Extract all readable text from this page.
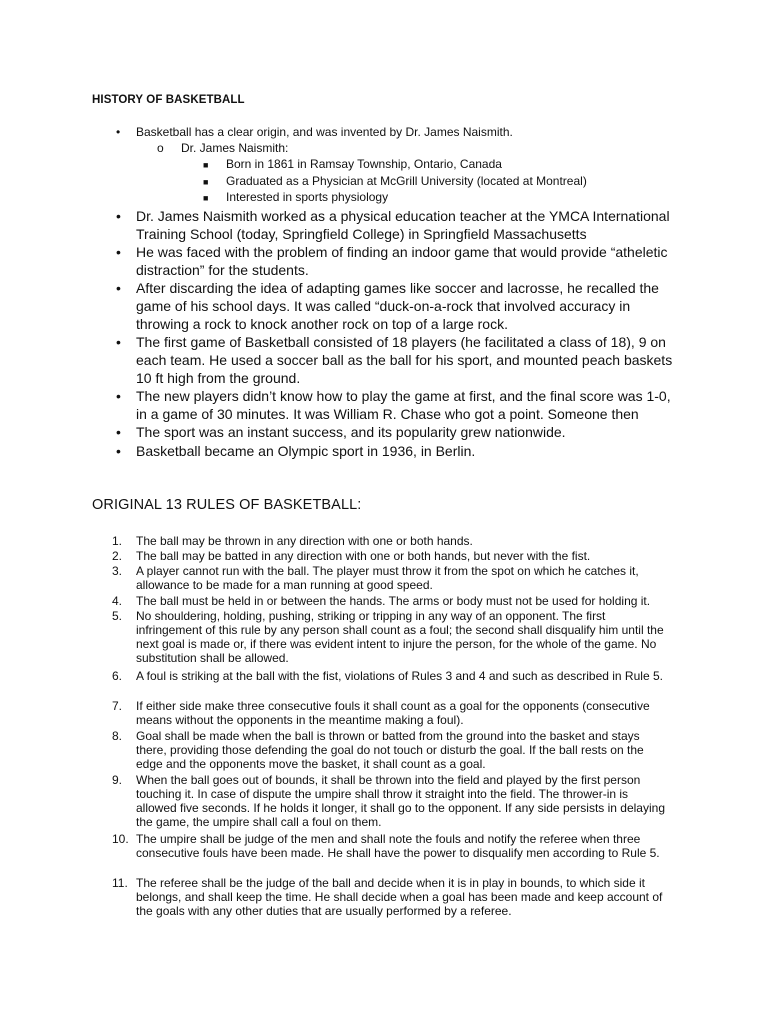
HISTORY OF BASKETBALL
• Basketball has a clear origin, and was invented by Dr. James Naismith.
o Dr. James Naismith:
■ Born in 1861 in Ramsay Township, Ontario, Canada
■ Graduated as a Physician at McGrill University (located at Montreal)
■ Interested in sports physiology
• Dr. James Naismith worked as a physical education teacher at the YMCA International Training School (today, Springfield College) in Springfield Massachusetts
• He was faced with the problem of finding an indoor game that would provide “atheletic distraction” for the students.
• After discarding the idea of adapting games like soccer and lacrosse, he recalled the game of his school days. It was called “duck-on-a-rock that involved accuracy in throwing a rock to knock another rock on top of a large rock.
• The first game of Basketball consisted of 18 players (he facilitated a class of 18), 9 on each team. He used a soccer ball as the ball for his sport, and mounted peach baskets 10 ft high from the ground.
• The new players didn’t know how to play the game at first, and the final score was 1-0, in a game of 30 minutes. It was William R. Chase who got a point. Someone then
• The sport was an instant success, and its popularity grew nationwide.
• Basketball became an Olympic sport in 1936, in Berlin.
ORIGINAL 13 RULES OF BASKETBALL:
1.	The ball may be thrown in any direction with one or both hands.
2.	The ball may be batted in any direction with one or both hands, but never with the fist.
3.	A player cannot run with the ball. The player must throw it from the spot on which he catches it, allowance to be made for a man running at good speed.
4.	The ball must be held in or between the hands. The arms or body must not be used for holding it.
5.	No shouldering, holding, pushing, striking or tripping in any way of an opponent. The first infringement of this rule by any person shall count as a foul; the second shall disqualify him until the next goal is made or, if there was evident intent to injure the person, for the whole of the game. No substitution shall be allowed.
6.	A foul is striking at the ball with the fist, violations of Rules 3 and 4 and such as described in Rule 5.
7.	If either side make three consecutive fouls it shall count as a goal for the opponents (consecutive means without the opponents in the meantime making a foul).
8.	Goal shall be made when the ball is thrown or batted from the ground into the basket and stays there, providing those defending the goal do not touch or disturb the goal. If the ball rests on the edge and the opponents move the basket, it shall count as a goal.
9.	When the ball goes out of bounds, it shall be thrown into the field and played by the first person touching it. In case of dispute the umpire shall throw it straight into the field. The thrower-in is allowed five seconds. If he holds it longer, it shall go to the opponent. If any side persists in delaying the game, the umpire shall call a foul on them.
10. The umpire shall be judge of the men and shall note the fouls and notify the referee when three consecutive fouls have been made. He shall have the power to disqualify men according to Rule 5.
11. The referee shall be the judge of the ball and decide when it is in play in bounds, to which side it belongs, and shall keep the time. He shall decide when a goal has been made and keep account of the goals with any other duties that are usually performed by a referee.
